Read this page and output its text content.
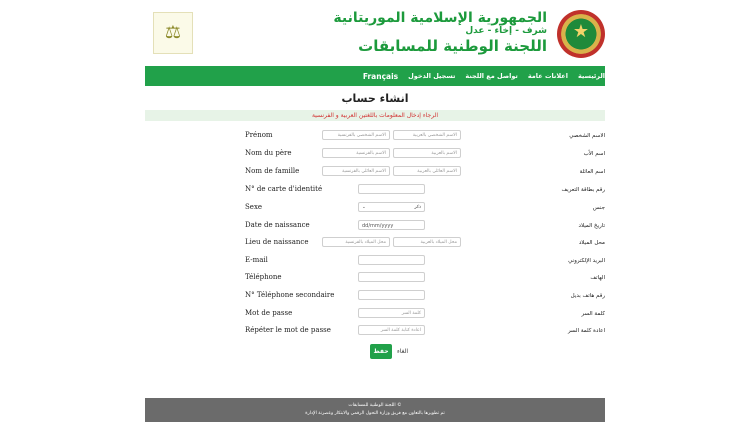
⚖
الجمهورية الإسلامية الموريتانية
شرف - إخاء - عدل
اللجنة الوطنية للمسابقات
★
الرئيسية
اعلانات عامة
تواصل مع اللجنة
تسجيل الدخول
Français
انشاء حساب
الرجاء إدخال المعلومات باللغتين العربية و الفرنسية
Prénom	الاسم الشخصي بالفرنسية	الاسم الشخصي بالعربية	الاسم الشخصي
Nom du père	الاسم بالفرنسية	الاسم بالعربية	اسم الأب
Nom de famille	الاسم العائلي بالفرنسية	الاسم العائلي بالعربية	اسم العائلة
N° de carte d'identité	رقم بطاقة التعريف
Sexe	⌄	ذكر	جنس
Date de naissance	dd/mm/yyyy	تاريخ الميلاد
Lieu de naissance	محل الميلاد بالفرنسية	محل الميلاد بالعربية	محل الميلاد
E-mail	البريد الإلكتروني
Téléphone	الهاتف
N° Téléphone secondaire	رقم هاتف بديل
Mot de passe	كلمة السر	كلمة السر
Répéter le mot de passe	اعادة كتابة كلمة السر	اعادة كلمة السر
حفظ	الغاء
© اللجنة الوطنية للمسابقات
تم تطويرها بالتعاون مع فريق وزارة التحول الرقمي والابتكار وعصرنة الإدارة
